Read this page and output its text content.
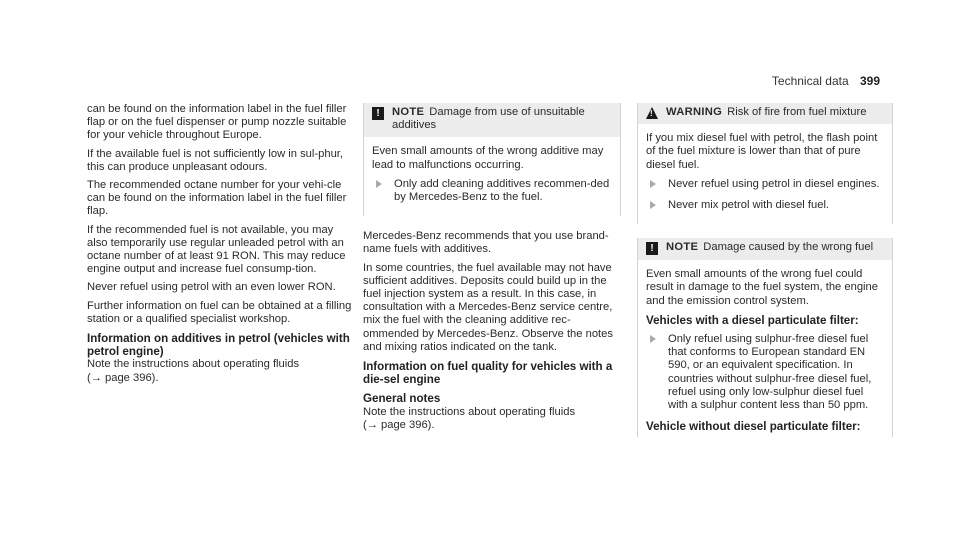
Technical data 399

can be found on the information label in the fuel filler flap or on the fuel dispenser or pump nozzle suitable for your vehicle throughout Europe.

If the available fuel is not sufficiently low in sul-phur, this can produce unpleasant odours.

The recommended octane number for your vehi-cle can be found on the information label in the fuel filler flap.

If the recommended fuel is not available, you may also temporarily use regular unleaded petrol with an octane number of at least 91 RON. This may reduce engine output and increase fuel consump-tion.

Never refuel using petrol with an even lower RON.

Further information on fuel can be obtained at a filling station or a qualified specialist workshop.

Information on additives in petrol (vehicles with petrol engine)
Note the instructions about operating fluids
(→ page 396).
!	NOTE Damage from use of unsuitable additives

Even small amounts of the wrong additive may lead to malfunctions occurring.

Only add cleaning additives recommen-ded by Mercedes-Benz to the fuel.

Mercedes-Benz recommends that you use brand-name fuels with additives.

In some countries, the fuel available may not have sufficient additives. Deposits could build up in the fuel injection system as a result. In this case, in consultation with a Mercedes-Benz service centre, mix the fuel with the cleaning additive rec-ommended by Mercedes-Benz. Observe the notes and mixing ratios indicated on the tank.

Information on fuel quality for vehicles with a die-sel engine
General notes
Note the instructions about operating fluids
(→ page 396).
! WARNING Risk of fire from fuel mixture

If you mix diesel fuel with petrol, the flash point of the fuel mixture is lower than that of pure diesel fuel.

Never refuel using petrol in diesel engines.
Never mix petrol with diesel fuel.
!	NOTE Damage caused by the wrong fuel

Even small amounts of the wrong fuel could result in damage to the fuel system, the engine and the emission control system.

Vehicles with a diesel particulate filter:
Only refuel using sulphur-free diesel fuel that conforms to European standard EN 590, or an equivalent specification. In countries without sulphur-free diesel fuel, refuel using only low-sulphur diesel fuel with a sulphur content less than 50 ppm.
Vehicle without diesel particulate filter:
